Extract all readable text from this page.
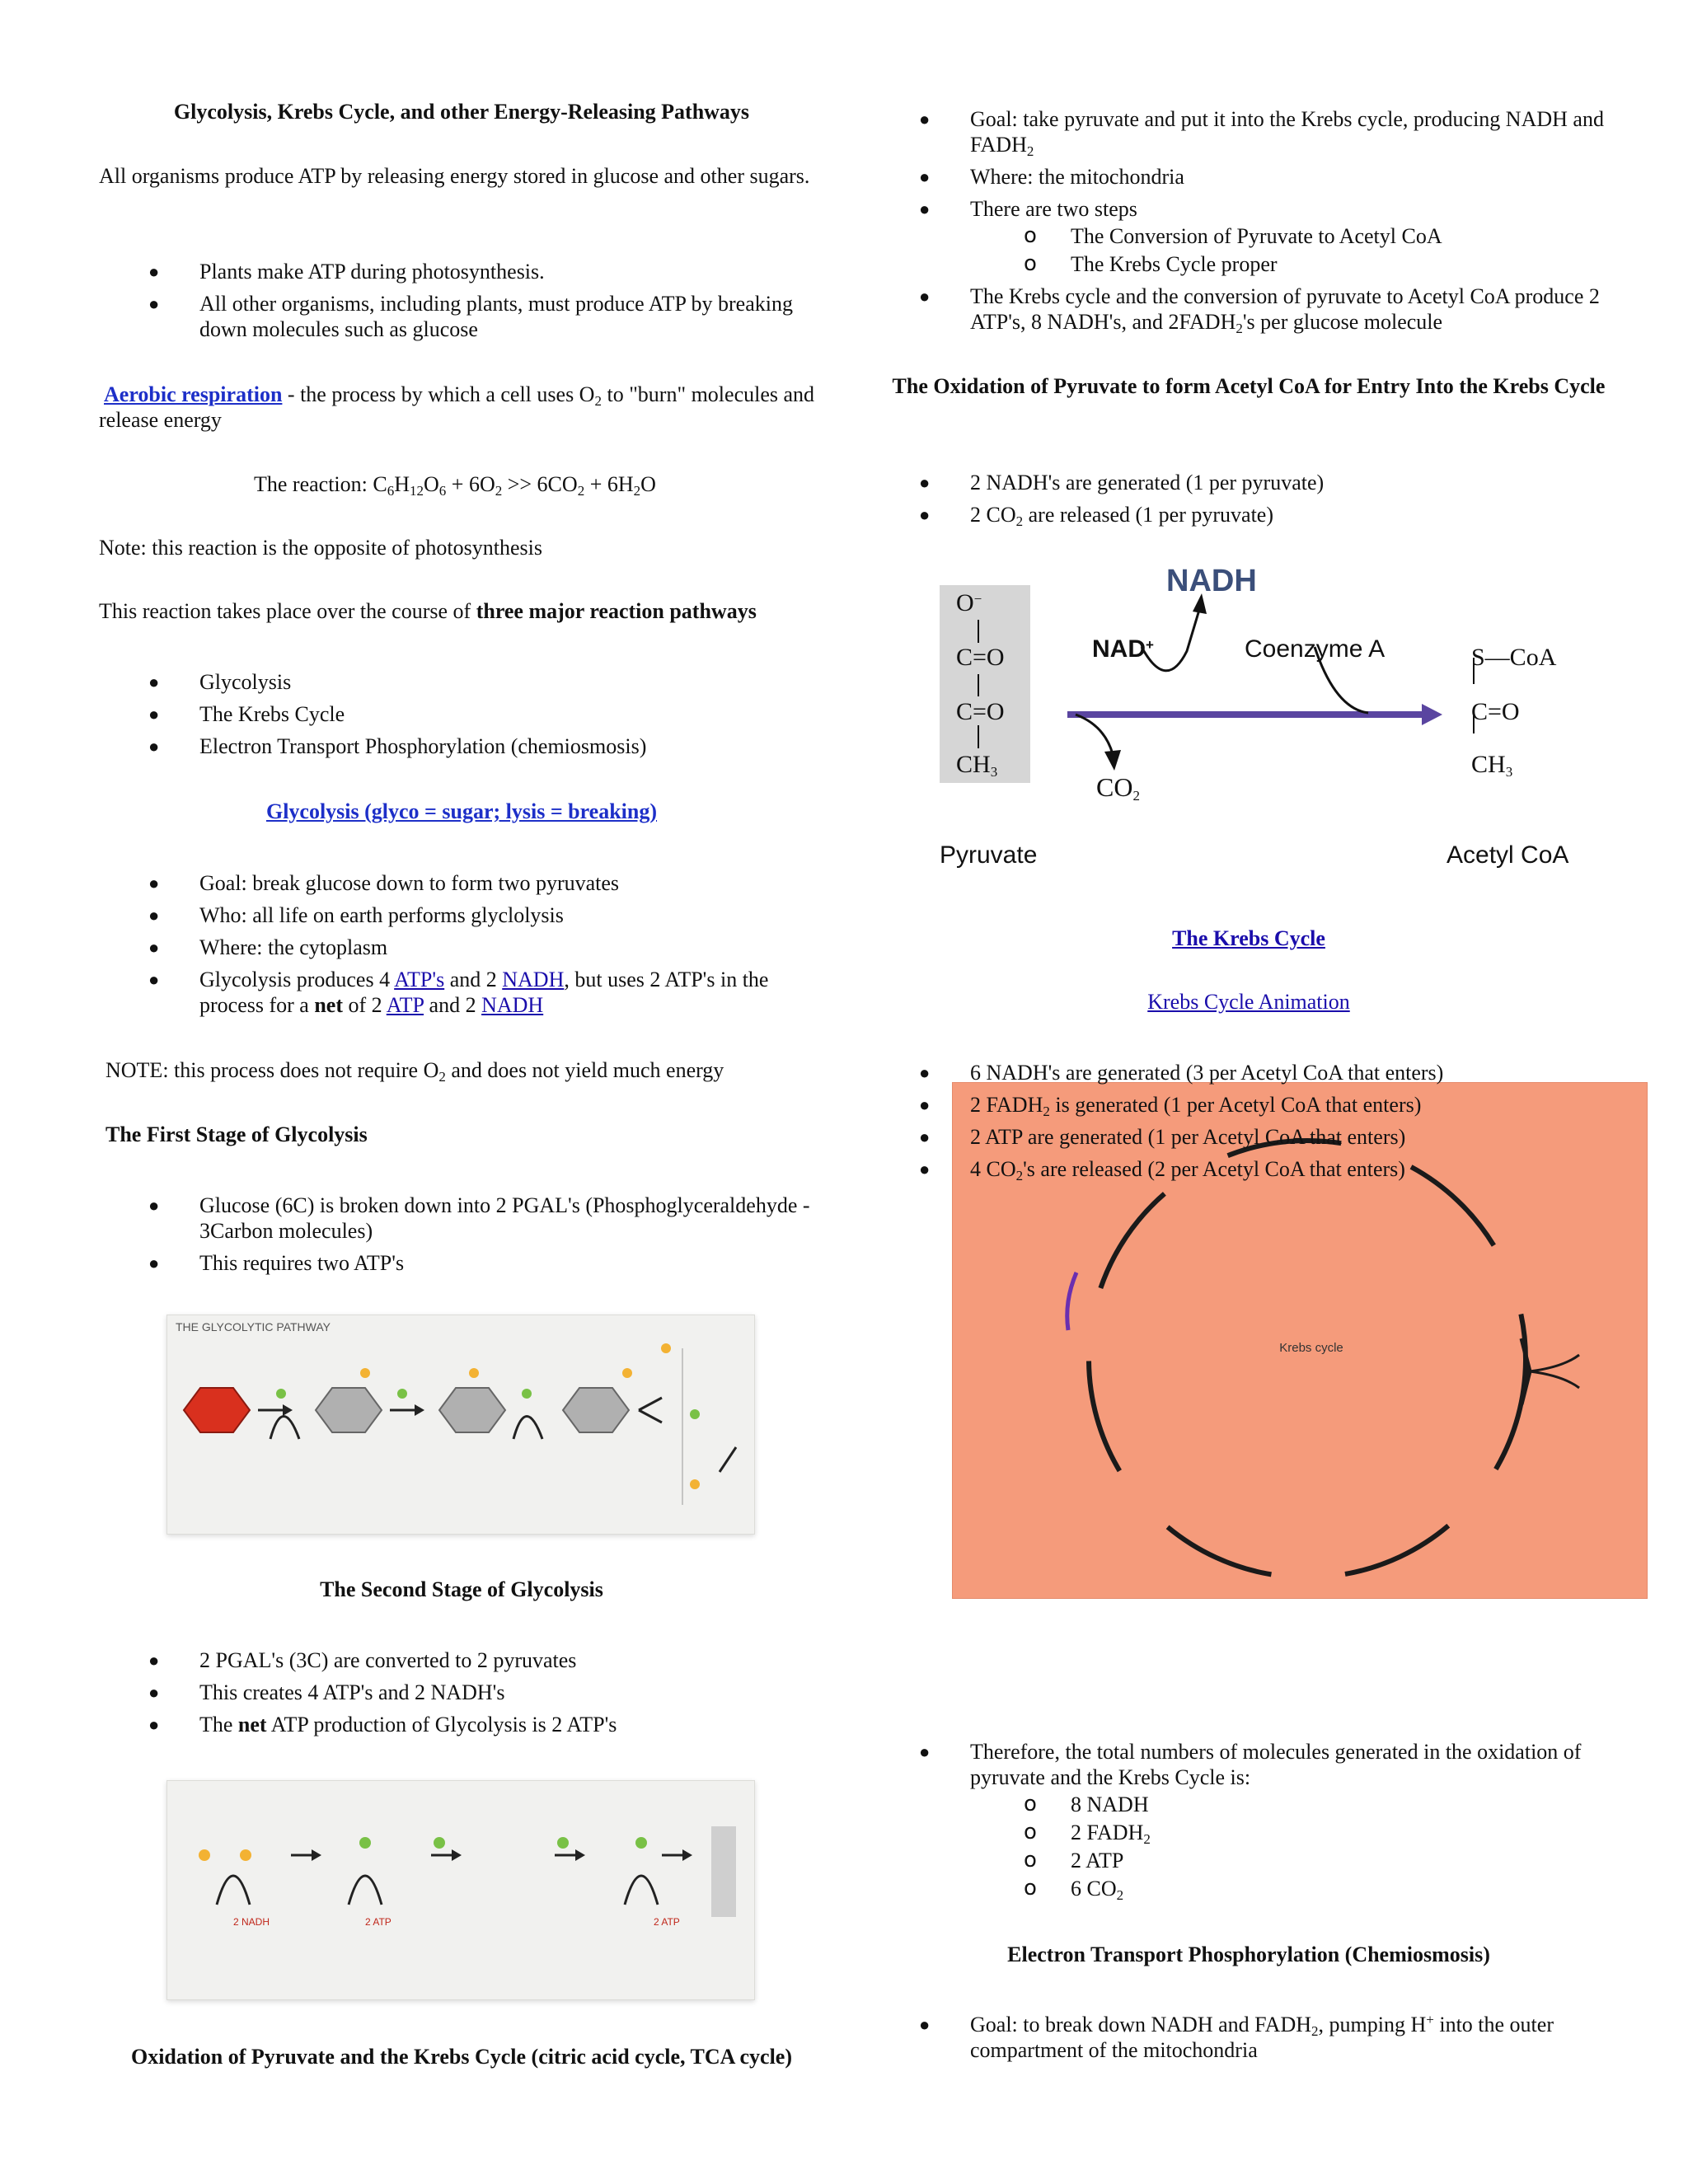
Glycolysis, Krebs Cycle, and other Energy-Releasing Pathways

All organisms produce ATP by releasing energy stored in glucose and other sugars.

● Plants make ATP during photosynthesis.
● All other organisms, including plants, must produce ATP by breaking down molecules such as glucose

Aerobic respiration - the process by which a cell uses $O_2$ to "burn" molecules and release energy

The reaction: $C_6H_{12}O_6 + 6O_2 >> 6CO_2 + 6H_2O$

Note: this reaction is the opposite of photosynthesis

This reaction takes place over the course of three major reaction pathways

● Glycolysis
● The Krebs Cycle
● Electron Transport Phosphorylation (chemiosmosis)
Glycolysis (glyco = sugar; lysis = breaking)
● Goal: break glucose down to form two pyruvates
● Who: all life on earth performs glyclolysis
● Where: the cytoplasm
● Glycolysis produces 4 ATP's and 2 NADH, but uses 2 ATP's in the process for a net of 2 ATP and 2 NADH

NOTE: this process does not require $O_2$ and does not yield much energy

The First Stage of Glycolysis

● Glucose (6C) is broken down into 2 PGAL's (Phosphoglyceraldehyde - 3Carbon molecules)
● This requires two ATP's
THE GLYCOLYTIC PATHWAY
The Second Stage of Glycolysis
● 2 PGAL's (3C) are converted to 2 pyruvates
● This creates 4 ATP's and 2 NADH's
● The net ATP production of Glycolysis is 2 ATP's
2 NADH	2 ATP	2 ATP
Oxidation of Pyruvate and the Krebs Cycle (citric acid cycle, TCA cycle)
● Goal: take pyruvate and put it into the Krebs cycle, producing NADH and $FADH_2$
● Where: the mitochondria
● There are two steps
o The Conversion of Pyruvate to Acetyl CoA
o The Krebs Cycle proper
● The Krebs cycle and the conversion of pyruvate to Acetyl CoA produce 2 ATP's, 8 NADH's, and $2FADH_2's$ per glucose molecule
The Oxidation of Pyruvate to form Acetyl CoA for Entry Into the Krebs Cycle
● 2 NADH's are generated (1 per pyruvate)
● 2 $CO_2$ are released (1 per pyruvate)
O−
C=O
C=O
$CH_3$
NADH
NAD+	Coenzyme A
$CO_2$
S—CoA
C=O
$CH_3$
Pyruvate	Acetyl CoA
The Krebs Cycle
Krebs Cycle Animation
Krebs cycle
● 6 NADH's are generated (3 per Acetyl CoA that enters)
● 2 $FADH_2$ is generated (1 per Acetyl CoA that enters)
● 2 ATP are generated (1 per Acetyl CoA that enters)
● 4 $CO_2's$ are released (2 per Acetyl CoA that enters)
● Therefore, the total numbers of molecules generated in the oxidation of pyruvate and the Krebs Cycle is:
o 8 NADH
o 2 $FADH_2$
o 2 ATP
o 6 $CO_2$
Electron Transport Phosphorylation (Chemiosmosis)
● Goal: to break down NADH and $FADH_2$, pumping H+ into the outer compartment of the mitochondria
